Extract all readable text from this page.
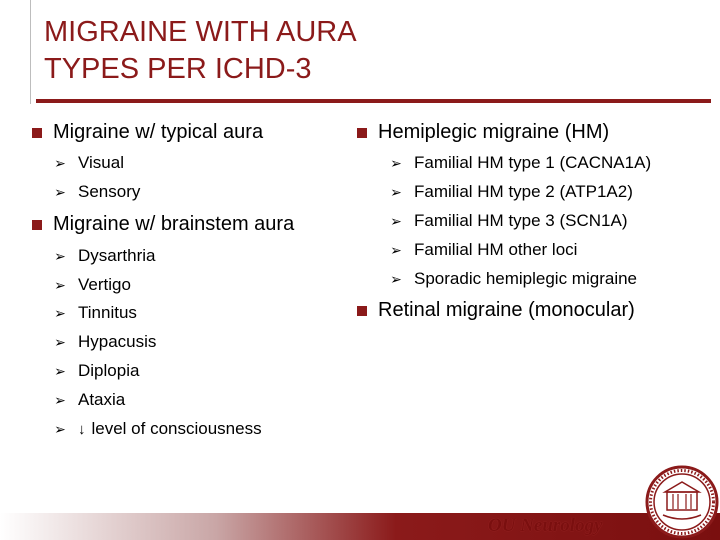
MIGRAINE WITH AURA
TYPES PER ICHD-3
Migraine w/ typical aura
➢ Visual
➢ Sensory
Migraine w/ brainstem aura
➢ Dysarthria
➢ Vertigo
➢ Tinnitus
➢ Hypacusis
➢ Diplopia
➢ Ataxia
➢ ↓ level of consciousness
Hemiplegic migraine (HM)
➢ Familial HM type 1 (CACNA1A)
➢ Familial HM type 2 (ATP1A2)
➢ Familial HM type 3 (SCN1A)
➢ Familial HM other loci
➢ Sporadic hemiplegic migraine
Retinal migraine (monocular)
OU Neurology
